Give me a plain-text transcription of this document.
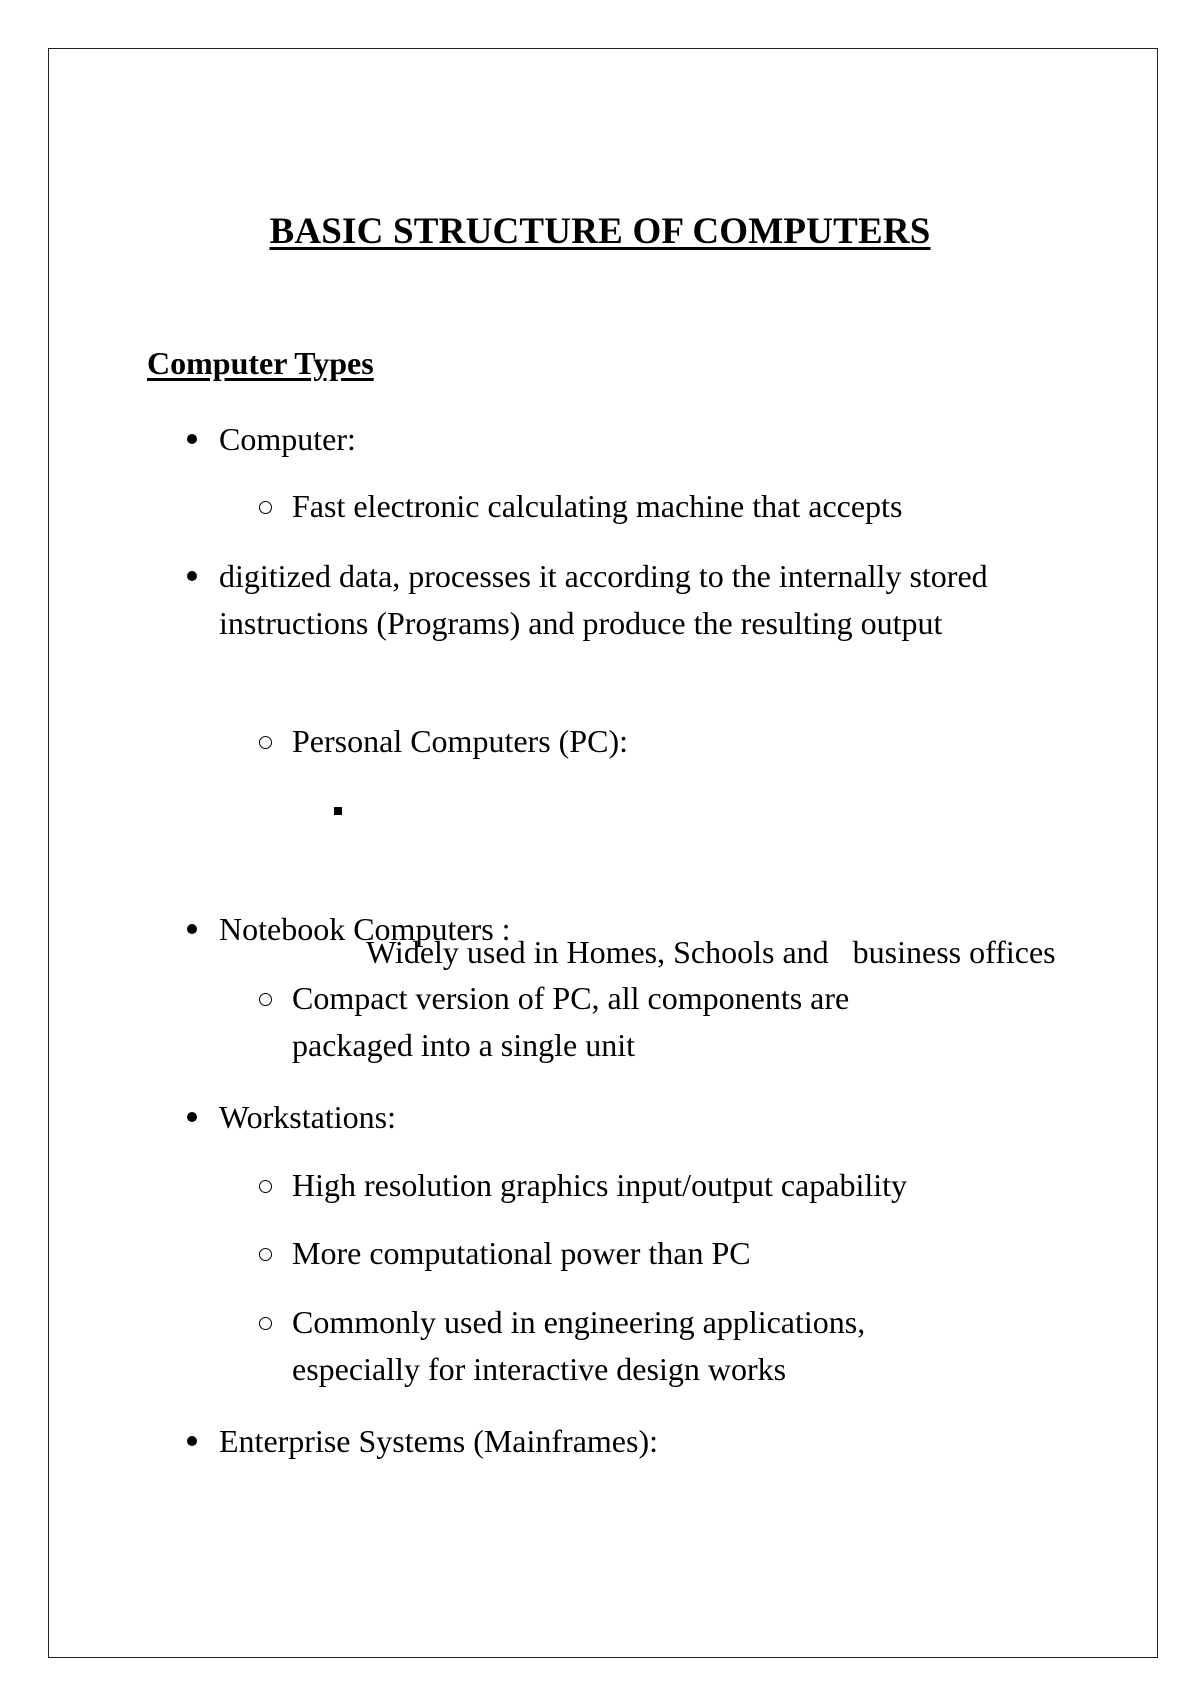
BASIC STRUCTURE OF COMPUTERS
Computer Types
Computer:
Fast electronic calculating machine that accepts
digitized data, processes it according to the internally stored instructions (Programs) and produce the resulting output
Personal Computers (PC):

Widely used in Homes, Schools and   business offices

Notebook Computers :
Compact version of PC, all components are packaged into a single unit
Workstations:
High resolution graphics input/output capability
More computational power than PC
Commonly used in engineering applications, especially for interactive design works
Enterprise Systems (Mainframes):
